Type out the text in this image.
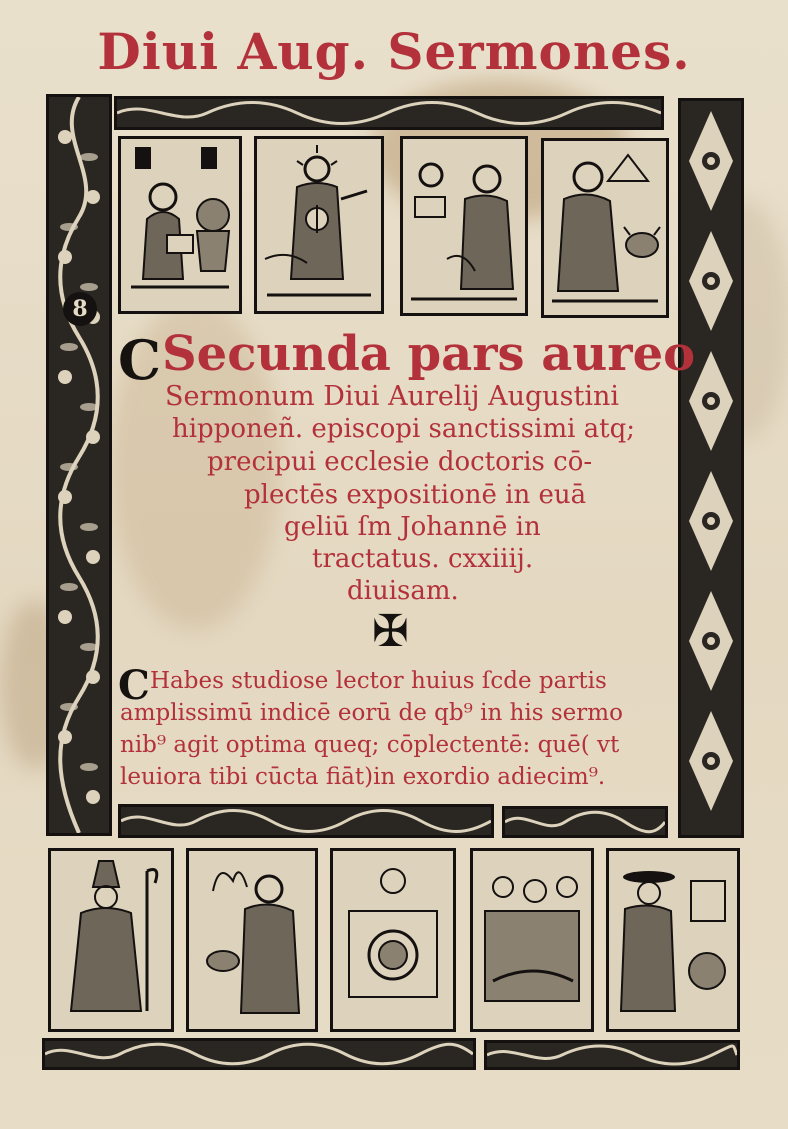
Diui Aug. Sermones.
8
C Secunda pars aureo 
Sermonum Diui Aurelij Augustini
hipponeñ. episcopi sanctissimi atq;
precipui ecclesie doctoris cō-
plectēs expositionē in euā
geliū ſm Johannē in
tractatus. cxxiiij.
diuisam.
✠
C Habes studiose lector huius ſcde partis
amplissimū indicē eorū de qb⁹ in his sermo
nib⁹ agit optima queq; cōplectentē: quē( vt
leuiora tibi cūcta fiāt)in exordio adiecim⁹.
